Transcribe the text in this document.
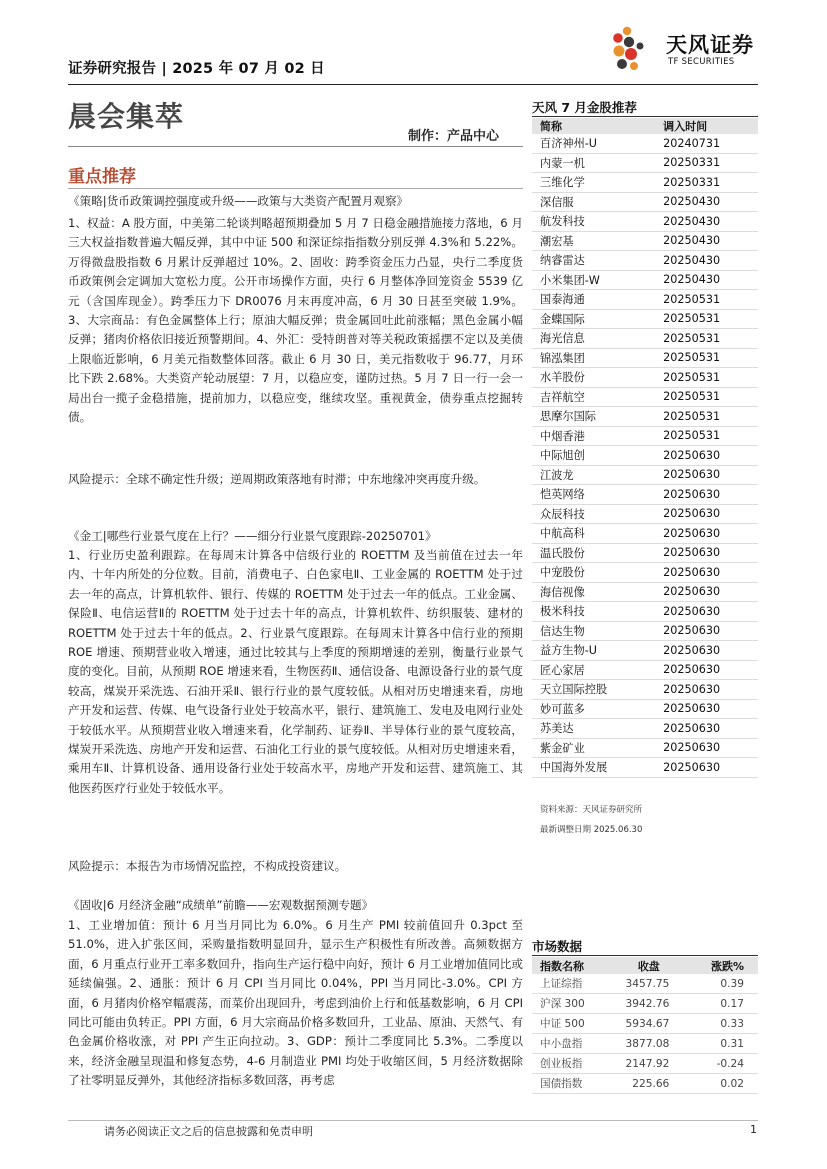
证券研究报告 | 2025 年 07 月 02 日
天风证券
TF SECURITIES
晨会集萃
制作：产品中心
重点推荐

《策略|货币政策调控强度或升级——政策与大类资产配置月观察》

1、权益：A 股方面，中美第二轮谈判略超预期叠加 5 月 7 日稳金融措施接力落地，6 月三大权益指数普遍大幅反弹，其中中证 500 和深证综指指数分别反弹 4.3%和 5.22%。万得微盘股指数 6 月累计反弹超过 10%。2、固收：跨季资金压力凸显，央行二季度货币政策例会定调加大宽松力度。公开市场操作方面，央行 6 月整体净回笼资金 5539 亿元（含国库现金）。跨季压力下 DR0076 月末再度冲高，6 月 30 日甚至突破 1.9%。3、大宗商品：有色金属整体上行；原油大幅反弹；贵金属回吐此前涨幅；黑色金属小幅反弹；猪肉价格依旧接近预警期间。4、外汇：受特朗普对等关税政策摇摆不定以及美债上限临近影响，6 月美元指数整体回落。截止 6 月 30 日，美元指数收于 96.77，月环比下跌 2.68%。大类资产轮动展望：7 月，以稳应变，谨防过热。5 月 7 日一行一会一局出台一揽子金稳措施，提前加力，以稳应变，继续攻坚。重视黄金，债券重点挖掘转债。

风险提示：全球不确定性升级；逆周期政策落地有时滞；中东地缘冲突再度升级。

《金工|哪些行业景气度在上行？——细分行业景气度跟踪-20250701》

1、行业历史盈利跟踪。在每周末计算各中信级行业的 ROETTM 及当前值在过去一年内、十年内所处的分位数。目前，消费电子、白色家电Ⅱ、工业金属的 ROETTM 处于过去一年的高点，计算机软件、银行、传媒的 ROETTM 处于过去一年的低点。工业金属、保险Ⅱ、电信运营Ⅱ的 ROETTM 处于过去十年的高点，计算机软件、纺织服装、建材的 ROETTM 处于过去十年的低点。2、行业景气度跟踪。在每周末计算各中信行业的预期 ROE 增速、预期营业收入增速，通过比较其与上季度的预期增速的差别，衡量行业景气度的变化。目前，从预期 ROE 增速来看，生物医药Ⅱ、通信设备、电源设备行业的景气度较高，煤炭开采洗选、石油开采Ⅱ、银行行业的景气度较低。从相对历史增速来看，房地产开发和运营、传媒、电气设备行业处于较高水平，银行、建筑施工、发电及电网行业处于较低水平。从预期营业收入增速来看，化学制药、证券Ⅱ、半导体行业的景气度较高，煤炭开采洗选、房地产开发和运营、石油化工行业的景气度较低。从相对历史增速来看，乘用车Ⅱ、计算机设备、通用设备行业处于较高水平，房地产开发和运营、建筑施工、其他医药医疗行业处于较低水平。

风险提示：本报告为市场情况监控，不构成投资建议。

《固收|6 月经济金融“成绩单”前瞻——宏观数据预测专题》

1、工业增加值：预计 6 月当月同比为 6.0%。6 月生产 PMI 较前值回升 0.3pct 至 51.0%，进入扩张区间，采购量指数明显回升，显示生产积极性有所改善。高频数据方面，6 月重点行业开工率多数回升，指向生产运行稳中向好，预计 6 月工业增加值同比或延续偏强。2、通胀：预计 6 月 CPI 当月同比 0.04%，PPI 当月同比-3.0%。CPI 方面，6 月猪肉价格窄幅震荡，而菜价出现回升，考虑到油价上行和低基数影响，6 月 CPI 同比可能由负转正。PPI 方面，6 月大宗商品价格多数回升，工业品、原油、天然气、有色金属价格收涨，对 PPI 产生正向拉动。3、GDP：预计二季度同比 5.3%。二季度以来，经济金融呈现温和修复态势，4-6 月制造业 PMI 均处于收缩区间，5 月经济数据除了社零明显反弹外，其他经济指标多数回落，再考虑

天风 7 月金股推荐
简称	调入时间
百济神州-U	20240731
内蒙一机	20250331
三维化学	20250331
深信服	20250430
航发科技	20250430
潮宏基	20250430
纳睿雷达	20250430
小米集团-W	20250430
国泰海通	20250531
金蝶国际	20250531
海光信息	20250531
锦泓集团	20250531
水羊股份	20250531
吉祥航空	20250531
思摩尔国际	20250531
中烟香港	20250531
中际旭创	20250630
江波龙	20250630
恺英网络	20250630
众辰科技	20250630
中航高科	20250630
温氏股份	20250630
中宠股份	20250630
海信视像	20250630
极米科技	20250630
信达生物	20250630
益方生物-U	20250630
匠心家居	20250630
天立国际控股	20250630
妙可蓝多	20250630
苏美达	20250630
紫金矿业	20250630
中国海外发展	20250630
资料来源：天风证券研究所
最新调整日期 2025.06.30
市场数据
指数名称	收盘	涨跌%
上证综指	3457.75	0.39
沪深 300	3942.76	0.17
中证 500	5934.67	0.33
中小盘指	3877.08	0.31
创业板指	2147.92	-0.24
国债指数	225.66	0.02
请务必阅读正文之后的信息披露和免责申明	1
